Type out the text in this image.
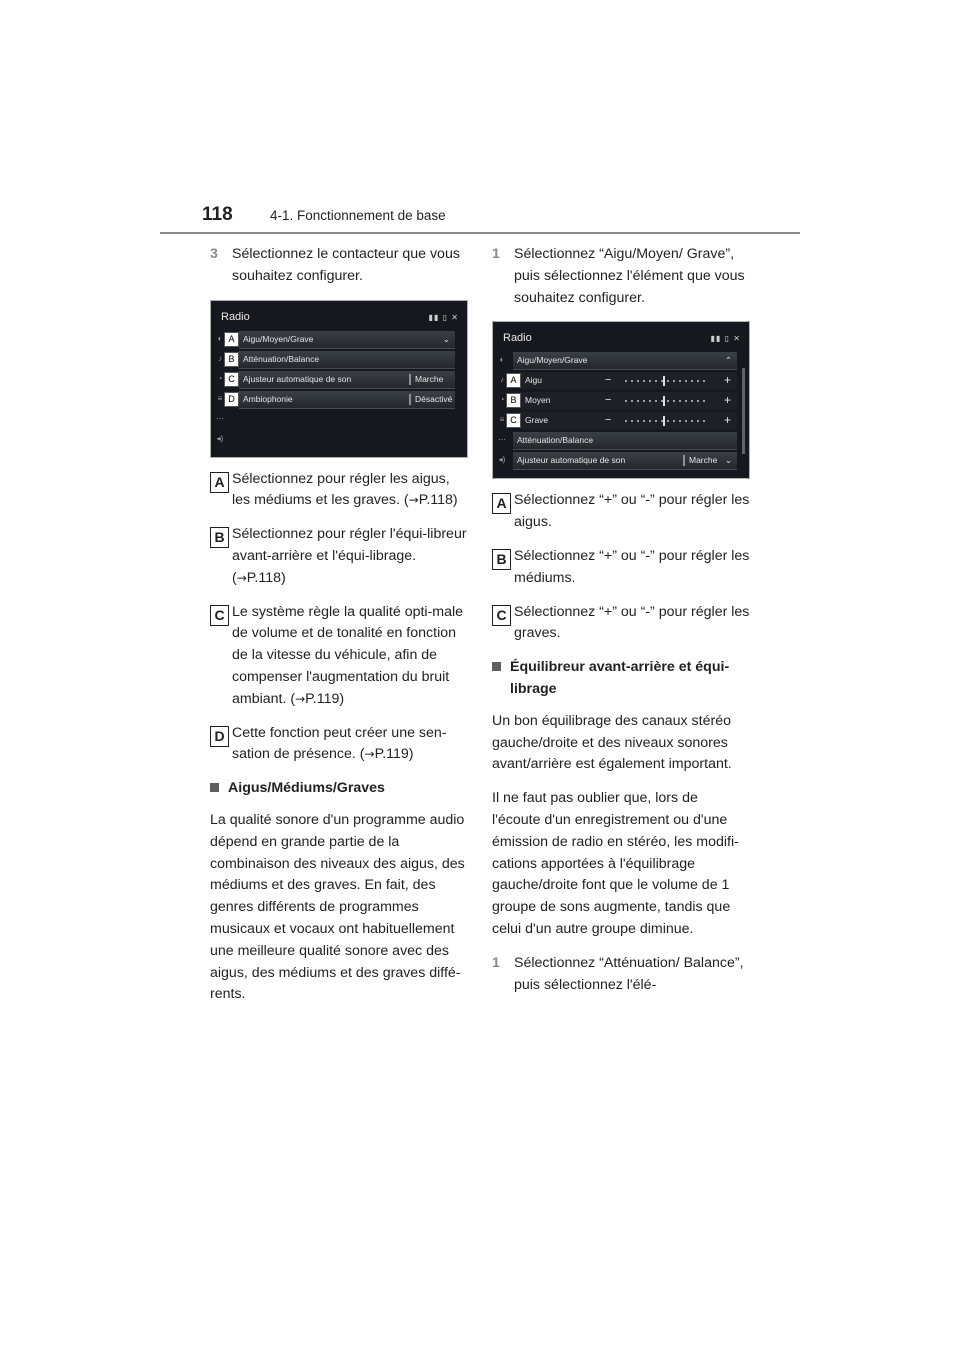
118	4-1. Fonctionnement de base
3 Sélectionnez le contacteur que vous souhaitez configurer.
Radio	▮▮ ▯ ✕
◐
♪
◔
≡
⋯
◂)
A	Aigu/Moyen/Grave	⌄
B	Atténuation/Balance
C Ajusteur automatique de son	Marche
D Ambiophonie	Désactivé
A Sélectionnez pour régler les aigus, les médiums et les graves. (→P.118)
B Sélectionnez pour régler l'équi-libreur avant-arrière et l'équi-librage. (→P.118)
C Le système règle la qualité opti-male de volume et de tonalité en fonction de la vitesse du véhicule, afin de compenser l'augmentation du bruit ambiant. (→P.119)
D Cette fonction peut créer une sen-sation de présence. (→P.119)
Aigus/Médiums/Graves

La qualité sonore d'un programme audio dépend en grande partie de la combinaison des niveaux des aigus, des médiums et des graves. En fait, des genres différents de programmes musicaux et vocaux ont habituellement une meilleure qualité sonore avec des aigus, des médiums et des graves diffé-rents.

1 Sélectionnez “Aigu/Moyen/ Grave”, puis sélectionnez l'élément que vous souhaitez configurer.
Radio	▮▮ ▯ ✕
◐	Aigu/Moyen/Grave	⌃
♪ A	Aigu	−	+
◔ B	Moyen	−	+
≡ C Grave	−	+
⋯ Atténuation/Balance
◂) Ajusteur automatique de son	Marche ⌄
A Sélectionnez “+” ou “-” pour régler les aigus.
B Sélectionnez “+” ou “-” pour régler les médiums.
C Sélectionnez “+” ou “-” pour régler les graves.
Équilibreur avant-arrière et équi-librage

Un bon équilibrage des canaux stéréo gauche/droite et des niveaux sonores avant/arrière est également important.

Il ne faut pas oublier que, lors de l'écoute d'un enregistrement ou d'une émission de radio en stéréo, les modifi-cations apportées à l'équilibrage gauche/droite font que le volume de 1 groupe de sons augmente, tandis que celui d'un autre groupe diminue.

1 Sélectionnez “Atténuation/ Balance”, puis sélectionnez l'élé-
